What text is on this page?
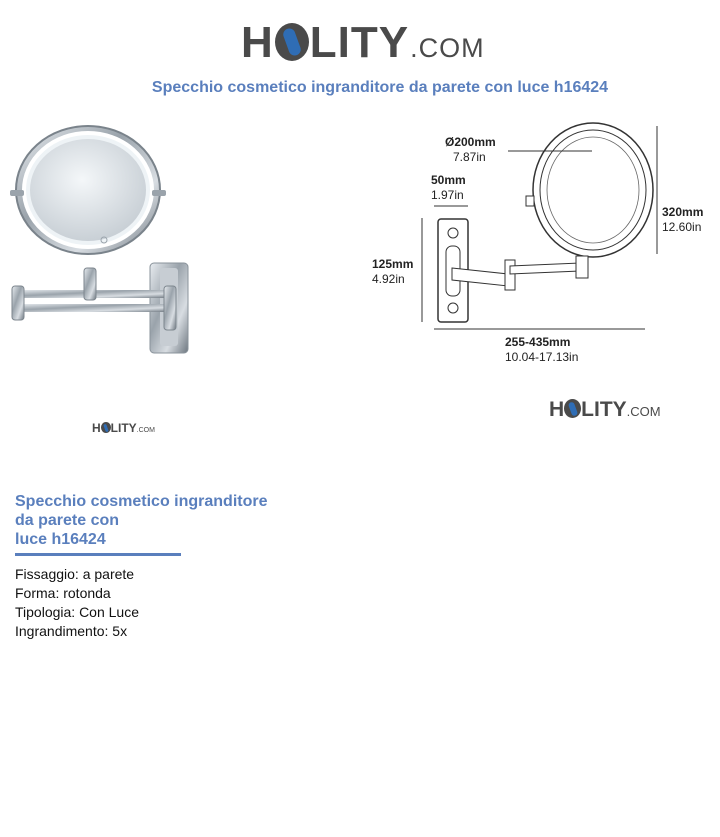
H LITY .COM
Specchio cosmetico ingranditore da parete con luce h16424
Ø200mm
7.87in
50mm
1.97in
320mm
12.60in
125mm
4.92in
255-435mm
10.04-17.13in
H LITY .COM
H LITY .COM
Specchio cosmetico ingranditore
da parete con
luce h16424
Fissaggio: a parete
Forma: rotonda
Tipologia: Con Luce
Ingrandimento: 5x
